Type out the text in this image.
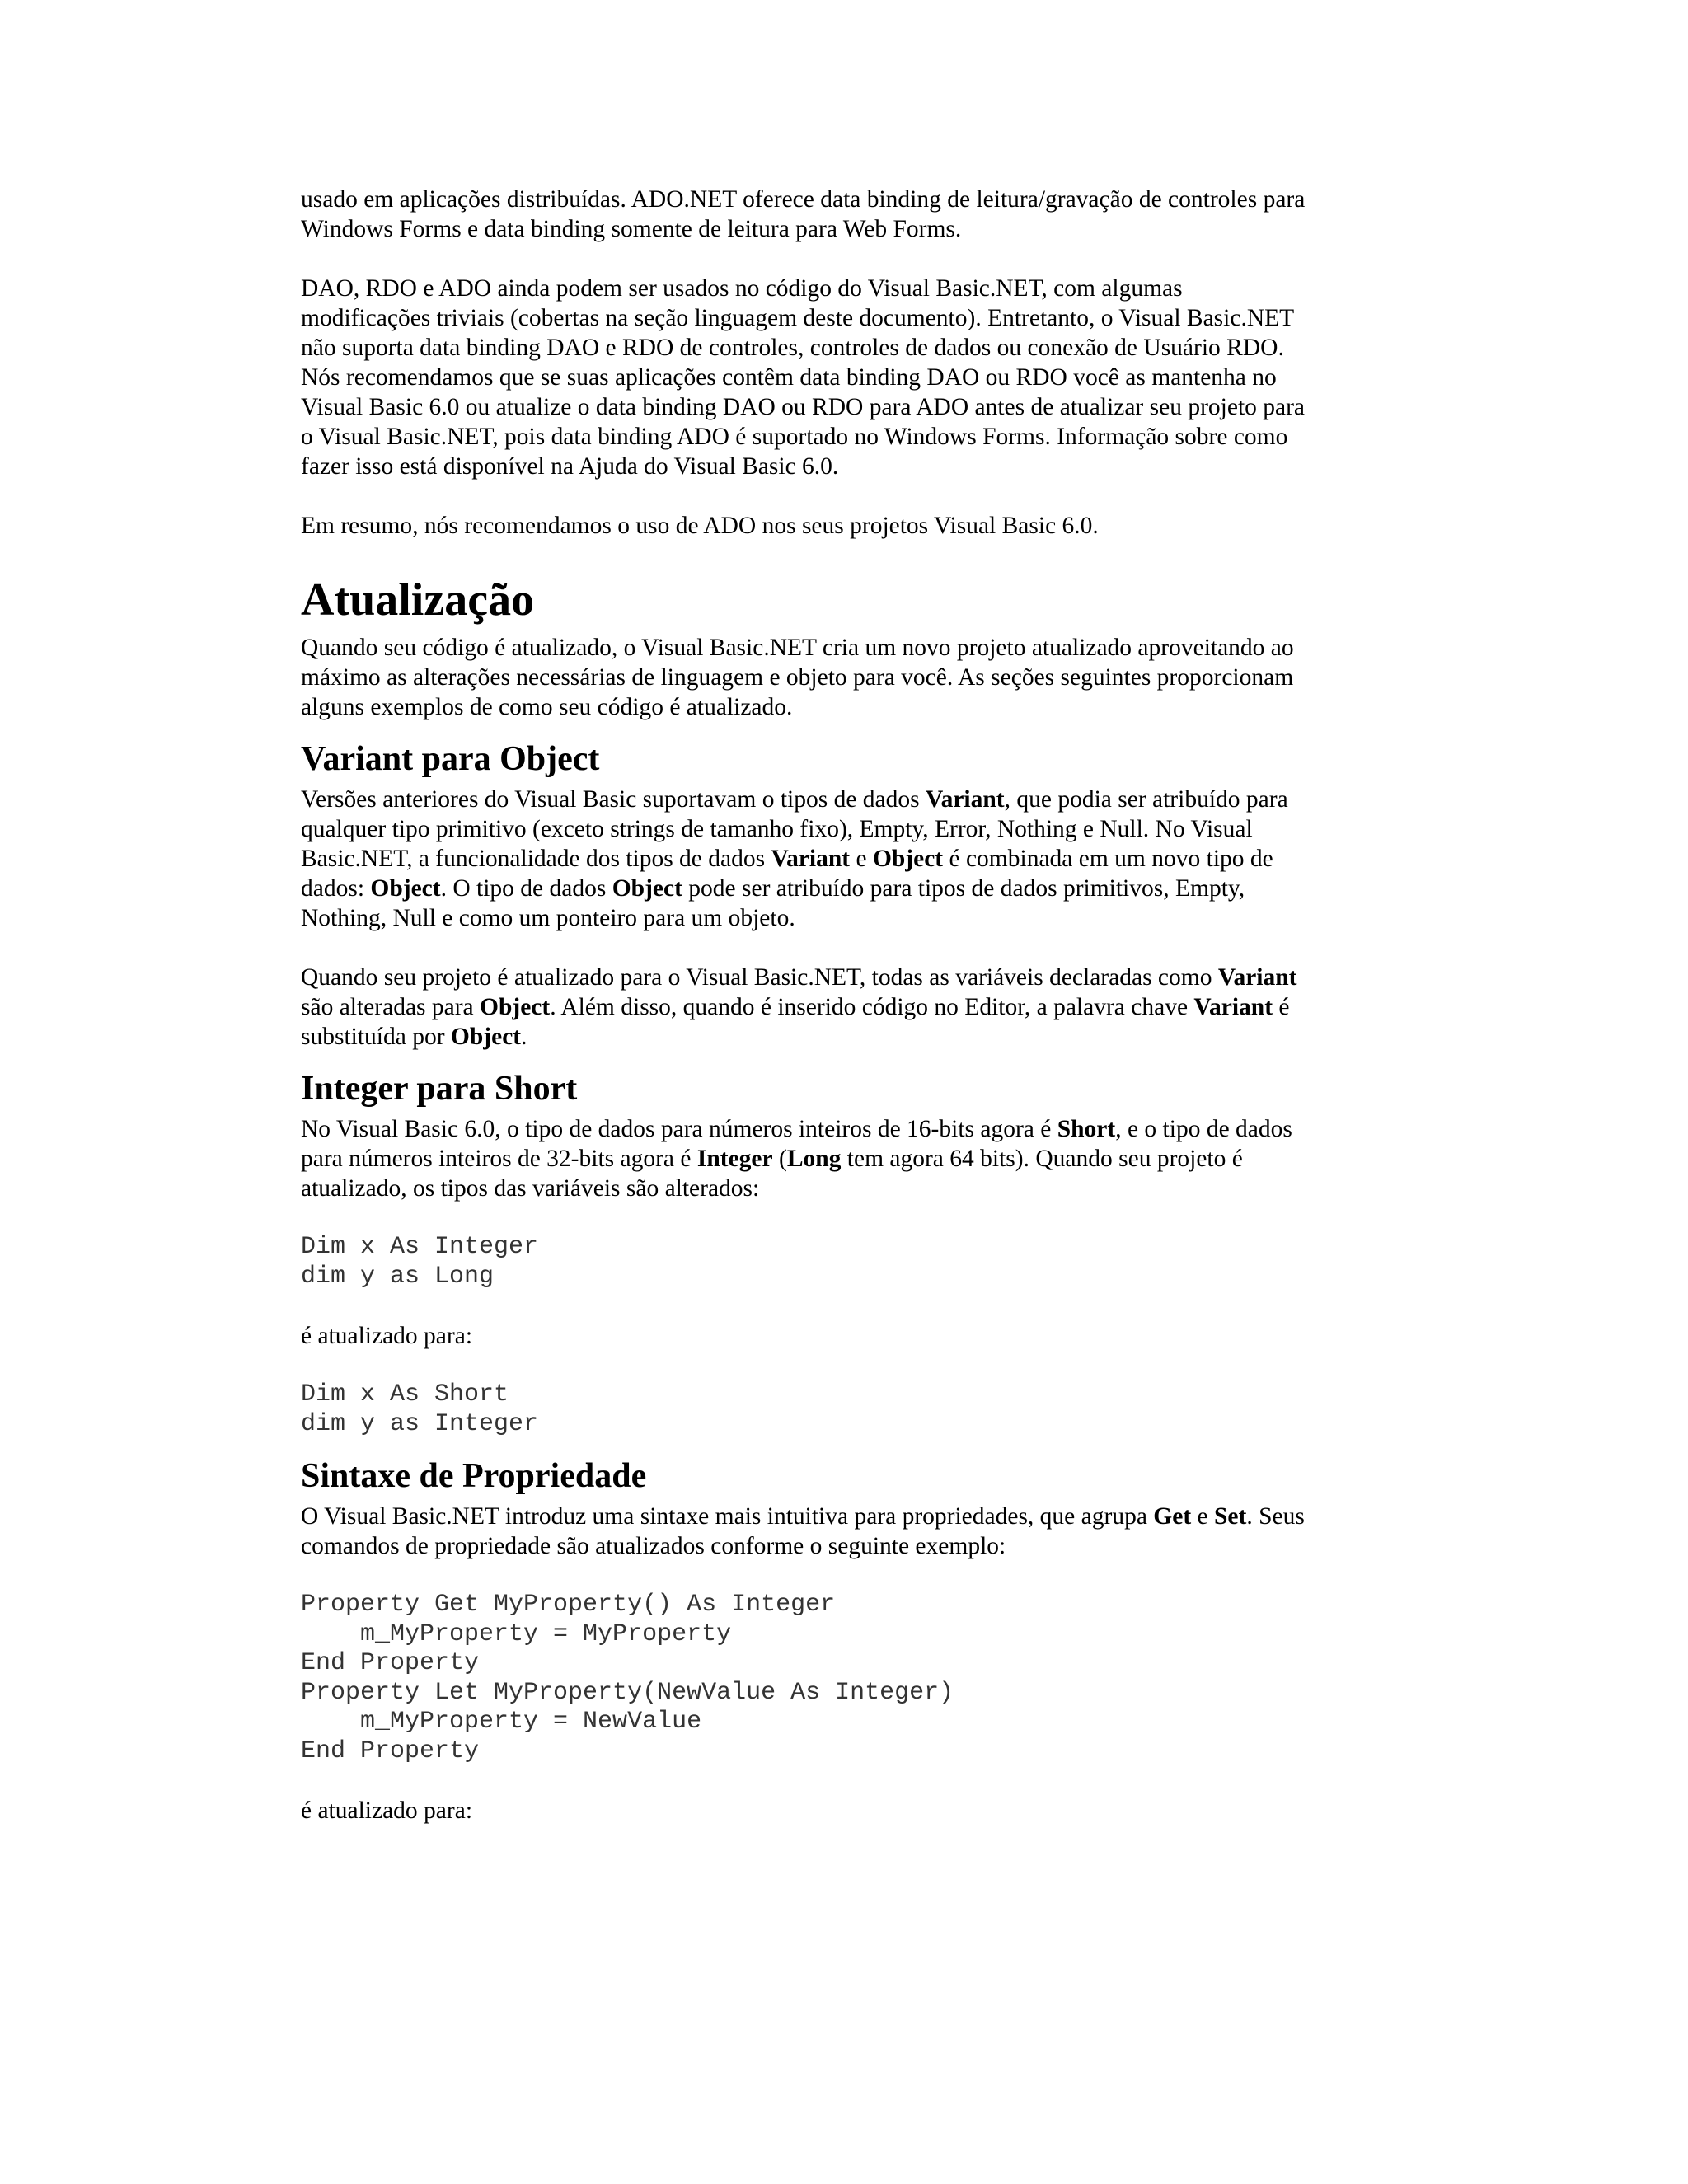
usado em aplicações distribuídas. ADO.NET oferece data binding de leitura/gravação de controles para

Windows Forms e data binding somente de leitura para Web Forms.

DAO, RDO e ADO ainda podem ser usados no código do Visual Basic.NET, com algumas

modificações triviais (cobertas na seção linguagem deste documento). Entretanto, o Visual Basic.NET

não suporta data binding DAO e RDO de controles, controles de dados ou conexão de Usuário RDO.

Nós recomendamos que se suas aplicações contêm data binding DAO ou RDO você as mantenha no

Visual Basic 6.0 ou atualize o data binding DAO ou RDO para ADO antes de atualizar seu projeto para

o Visual Basic.NET, pois data binding ADO é suportado no Windows Forms. Informação sobre como

fazer isso está disponível na Ajuda do Visual Basic 6.0.

Em resumo, nós recomendamos o uso de ADO nos seus projetos Visual Basic 6.0.

Atualização

Quando seu código é atualizado, o Visual Basic.NET cria um novo projeto atualizado aproveitando ao

máximo as alterações necessárias de linguagem e objeto para você. As seções seguintes proporcionam

alguns exemplos de como seu código é atualizado.

Variant para Object

Versões anteriores do Visual Basic suportavam o tipos de dados Variant, que podia ser atribuído para

qualquer tipo primitivo (exceto strings de tamanho fixo), Empty, Error, Nothing e Null. No Visual

Basic.NET, a funcionalidade dos tipos de dados Variant e Object é combinada em um novo tipo de

dados: Object. O tipo de dados Object pode ser atribuído para tipos de dados primitivos, Empty,

Nothing, Null e como um ponteiro para um objeto.

Quando seu projeto é atualizado para o Visual Basic.NET, todas as variáveis declaradas como Variant

são alteradas para Object. Além disso, quando é inserido código no Editor, a palavra chave Variant é

substituída por Object.

Integer para Short

No Visual Basic 6.0, o tipo de dados para números inteiros de 16-bits agora é Short, e o tipo de dados

para números inteiros de 32-bits agora é Integer (Long tem agora 64 bits). Quando seu projeto é

atualizado, os tipos das variáveis são alterados:

Dim x As Integer
dim y as Long

é atualizado para:

Dim x As Short
dim y as Integer
Sintaxe de Propriedade

O Visual Basic.NET introduz uma sintaxe mais intuitiva para propriedades, que agrupa Get e Set. Seus

comandos de propriedade são atualizados conforme o seguinte exemplo:

Property Get MyProperty() As Integer
m_MyProperty = MyProperty
End Property
Property Let MyProperty(NewValue As Integer)
m_MyProperty = NewValue
End Property

é atualizado para:
